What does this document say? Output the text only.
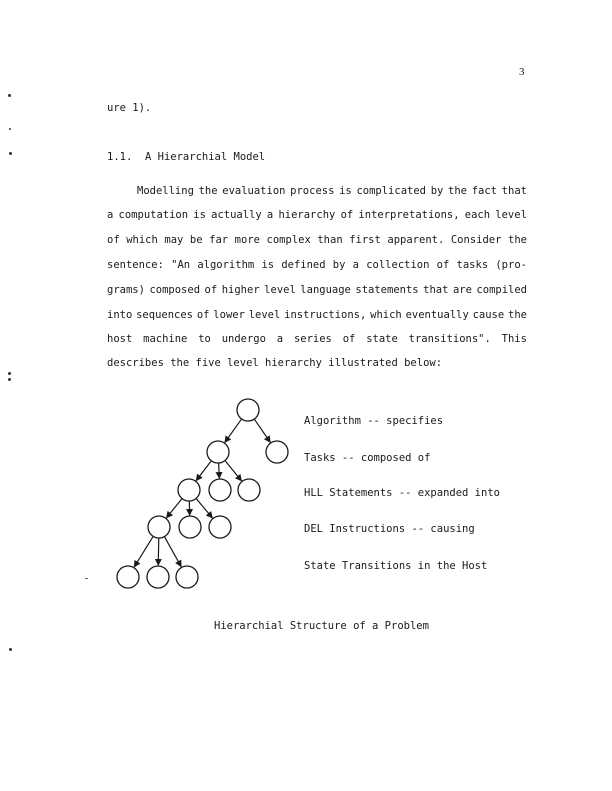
3
ure 1).
1.1. A Hierarchial Model
Modelling the evaluation process is complicated by the fact that
a computation is actually a hierarchy of interpretations, each level
of which may be far more complex than first apparent. Consider the
sentence: "An algorithm is defined by a collection of tasks (pro-
grams) composed of higher level language statements that are compiled
into sequences of lower level instructions, which eventually cause the
host machine to undergo a series of state transitions". This
describes the five level hierarchy illustrated below:
Algorithm -- specifies
Tasks -- composed of
HLL Statements -- expanded into
DEL Instructions -- causing
State Transitions in the Host
Hierarchial Structure of a Problem
